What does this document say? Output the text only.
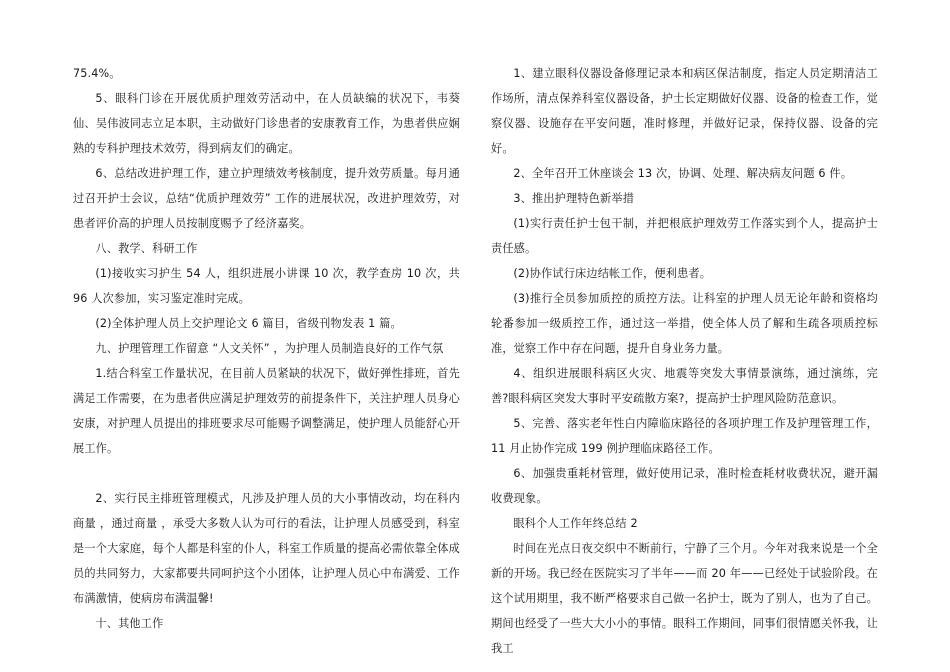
75.4%。

5、眼科门诊在开展优质护理效劳活动中，在人员缺编的状况下，韦葵仙、吴伟波同志立足本职，主动做好门诊患者的安康教育工作，为患者供应娴熟的专科护理技术效劳，得到病友们的确定。

6、总结改进护理工作，建立护理绩效考核制度，提升效劳质量。每月通过召开护士会议，总结“优质护理效劳” 工作的进展状况，改进护理效劳，对患者评价高的护理人员按制度赐予了经济嘉奖。

八、教学、科研工作

(1)接收实习护生 54 人，组织进展小讲课 10 次，教学查房 10 次，共 96 人次参加，实习鉴定准时完成。

(2)全体护理人员上交护理论文 6 篇目，省级刊物发表 1 篇。

九、护理管理工作留意 “人文关怀” ，为护理人员制造良好的工作气氛

1.结合科室工作量状况，在目前人员紧缺的状况下，做好弹性排班，首先满足工作需要，在为患者供应满足护理效劳的前提条件下，关注护理人员身心安康，对护理人员提出的排班要求尽可能赐予调整满足，使护理人员能舒心开展工作。

2、实行民主排班管理模式，凡涉及护理人员的大小事情改动，均在科内商量 ，通过商量 ，承受大多数人认为可行的看法，让护理人员感受到，科室是一个大家庭，每个人都是科室的仆人，科室工作质量的提高必需依靠全体成员的共同努力，大家都要共同呵护这个小团体，让护理人员心中布满爱、工作布满激情，使病房布满温馨!

十、其他工作

1、建立眼科仪器设备修理记录本和病区保洁制度，指定人员定期清洁工作场所，清点保养科室仪器设备，护士长定期做好仪器、设备的检查工作，觉察仪器、设施存在平安问题，准时修理，并做好记录，保持仪器、设备的完好。

2、全年召开工休座谈会 13 次，协调、处理、解决病友问题 6 件。

3、推出护理特色新举措

(1)实行责任护士包干制，并把根底护理效劳工作落实到个人，提高护士责任感。

(2)协作试行床边结帐工作，便利患者。

(3)推行全员参加质控的质控方法。让科室的护理人员无论年龄和资格均轮番参加一级质控工作，通过这一举措，使全体人员了解和生疏各项质控标准，觉察工作中存在问题，提升自身业务力量。

4、组织进展眼科病区火灾、地震等突发大事情景演练，通过演练，完善?眼科病区突发大事时平安疏散方案?，提高护士护理风险防范意识。

5、完善、落实老年性白内障临床路径的各项护理工作及护理管理工作，11 月止协作完成 199 例护理临床路径工作。

6、加强贵重耗材管理，做好使用记录，准时检查耗材收费状况，避开漏收费现象。

眼科个人工作年终总结 2

时间在光点日夜交织中不断前行，宁静了三个月。今年对我来说是一个全新的开场。我已经在医院实习了半年——而 20 年——已经处于试验阶段。在这个试用期里，我不断严格要求自己做一名护士，既为了别人，也为了自己。期间也经受了一些大大小小的事情。眼科工作期间，同事们很情愿关怀我，让我工
